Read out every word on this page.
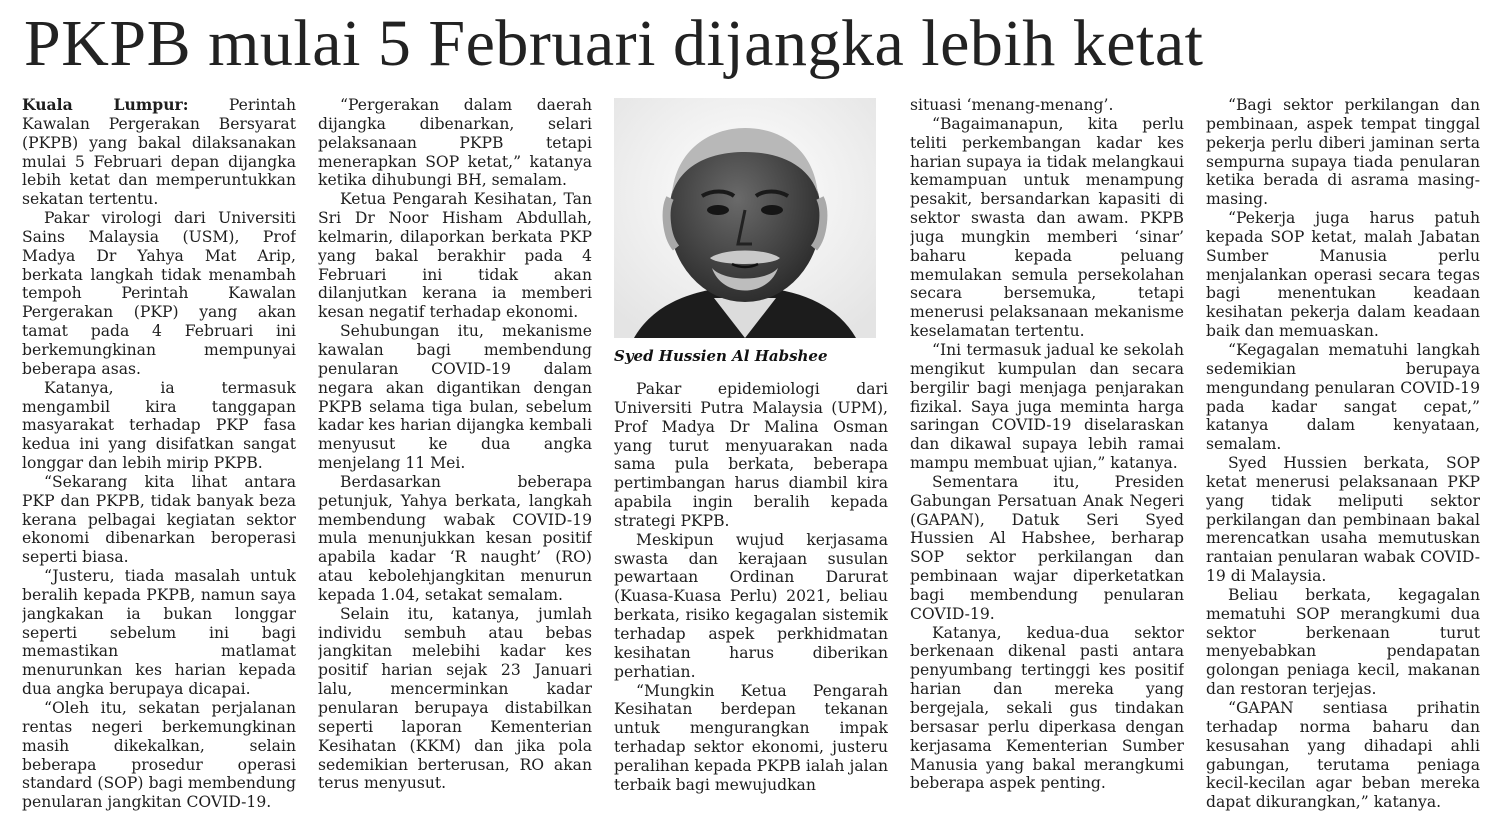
PKPB mulai 5 Februari dijangka lebih ketat

Kuala Lumpur:	Perintah Kawalan Pergerakan Bersyarat (PKPB) yang bakal dilaksanakan mulai 5 Februari depan dijangka lebih ketat dan memperuntukkan sekatan tertentu.

Pakar virologi dari Universiti Sains Malaysia (USM), Prof Madya Dr Yahya Mat Arip, berkata langkah tidak menambah tempoh Perintah Kawalan Pergerakan (PKP) yang akan tamat pada 4 Februari ini berkemungkinan mempunyai beberapa asas.

Katanya, ia termasuk mengambil kira tanggapan masyarakat terhadap PKP fasa kedua ini yang disifatkan sangat longgar dan lebih mirip PKPB.

“Sekarang kita lihat antara PKP dan PKPB, tidak banyak beza kerana pelbagai kegiatan sektor ekonomi dibenarkan beroperasi seperti biasa.

“Justeru, tiada masalah untuk beralih kepada PKPB, namun saya jangkakan ia bukan longgar seperti sebelum ini bagi memastikan matlamat menurunkan kes harian kepada dua angka berupaya dicapai.

“Oleh itu, sekatan perjalanan rentas negeri berkemungkinan masih dikekalkan, selain beberapa prosedur operasi standard (SOP) bagi membendung penularan jangkitan COVID-19.

“Pergerakan dalam daerah dijangka dibenarkan, selari pelaksanaan PKPB tetapi menerapkan SOP ketat,” katanya ketika dihubungi BH, semalam.

Ketua Pengarah Kesihatan, Tan Sri Dr Noor Hisham Abdullah, kelmarin, dilaporkan berkata PKP yang bakal berakhir pada 4 Februari ini tidak akan dilanjutkan kerana ia memberi kesan negatif terhadap ekonomi.

Sehubungan itu, mekanisme kawalan bagi membendung penularan COVID-19 dalam negara akan digantikan dengan PKPB selama tiga bulan, sebelum kadar kes harian dijangka kembali menyusut ke dua angka menjelang 11 Mei.

Berdasarkan beberapa petunjuk, Yahya berkata, langkah membendung wabak COVID-19 mula menunjukkan kesan positif apabila kadar ‘R naught’ (RO) atau kebolehjangkitan menurun kepada 1.04, setakat semalam.

Selain itu, katanya, jumlah individu sembuh atau bebas jangkitan melebihi kadar kes positif harian sejak 23 Januari lalu, mencerminkan kadar penularan berupaya distabilkan seperti laporan Kementerian Kesihatan (KKM) dan jika pola sedemikian berterusan, RO akan terus menyusut.

Syed Hussien Al Habshee

Pakar epidemiologi dari Universiti Putra Malaysia (UPM), Prof Madya Dr Malina Osman yang turut menyuarakan nada sama pula berkata, beberapa pertimbangan harus diambil kira apabila ingin beralih kepada strategi PKPB.

Meskipun wujud kerjasama swasta dan kerajaan susulan pewartaan Ordinan Darurat (Kuasa-Kuasa Perlu) 2021, beliau berkata, risiko kegagalan sistemik terhadap aspek perkhidmatan kesihatan harus diberikan perhatian.

“Mungkin Ketua Pengarah Kesihatan berdepan tekanan untuk mengurangkan impak terhadap sektor ekonomi, justeru peralihan kepada PKPB ialah jalan terbaik bagi mewujudkan

situasi ‘menang-menang’.

“Bagaimanapun, kita perlu teliti perkembangan kadar kes harian supaya ia tidak melangkaui kemampuan untuk menampung pesakit, bersandarkan kapasiti di sektor swasta dan awam. PKPB juga mungkin memberi ‘sinar’ baharu kepada peluang memulakan semula persekolahan secara bersemuka, tetapi menerusi pelaksanaan mekanisme keselamatan tertentu.

“Ini termasuk jadual ke sekolah mengikut kumpulan dan secara bergilir bagi menjaga penjarakan fizikal. Saya juga meminta harga saringan COVID-19 diselaraskan dan dikawal supaya lebih ramai mampu membuat ujian,” katanya.

Sementara itu, Presiden Gabungan Persatuan Anak Negeri (GAPAN), Datuk Seri Syed Hussien Al Habshee, berharap SOP sektor perkilangan dan pembinaan wajar diperketatkan bagi membendung penularan COVID-19.

Katanya, kedua-dua sektor berkenaan dikenal pasti antara penyumbang tertinggi kes positif harian dan mereka yang bergejala, sekali gus tindakan bersasar perlu diperkasa dengan kerjasama Kementerian Sumber Manusia yang bakal merangkumi beberapa aspek penting.

“Bagi sektor perkilangan dan pembinaan, aspek tempat tinggal pekerja perlu diberi jaminan serta sempurna supaya tiada penularan ketika berada di asrama masing-masing.

“Pekerja juga harus patuh kepada SOP ketat, malah Jabatan Sumber Manusia perlu menjalankan operasi secara tegas bagi menentukan keadaan kesihatan pekerja dalam keadaan baik dan memuaskan.

“Kegagalan mematuhi langkah sedemikian berupaya mengundang penularan COVID-19 pada kadar sangat cepat,” katanya dalam kenyataan, semalam.

Syed Hussien berkata, SOP ketat menerusi pelaksanaan PKP yang tidak meliputi sektor perkilangan dan pembinaan bakal merencatkan usaha memutuskan rantaian penularan wabak COVID-19 di Malaysia.

Beliau berkata, kegagalan mematuhi SOP merangkumi dua sektor berkenaan turut menyebabkan pendapatan golongan peniaga kecil, makanan dan restoran terjejas.

“GAPAN sentiasa prihatin terhadap norma baharu dan kesusahan yang dihadapi ahli gabungan, terutama peniaga kecil-kecilan agar beban mereka dapat dikurangkan,” katanya.
